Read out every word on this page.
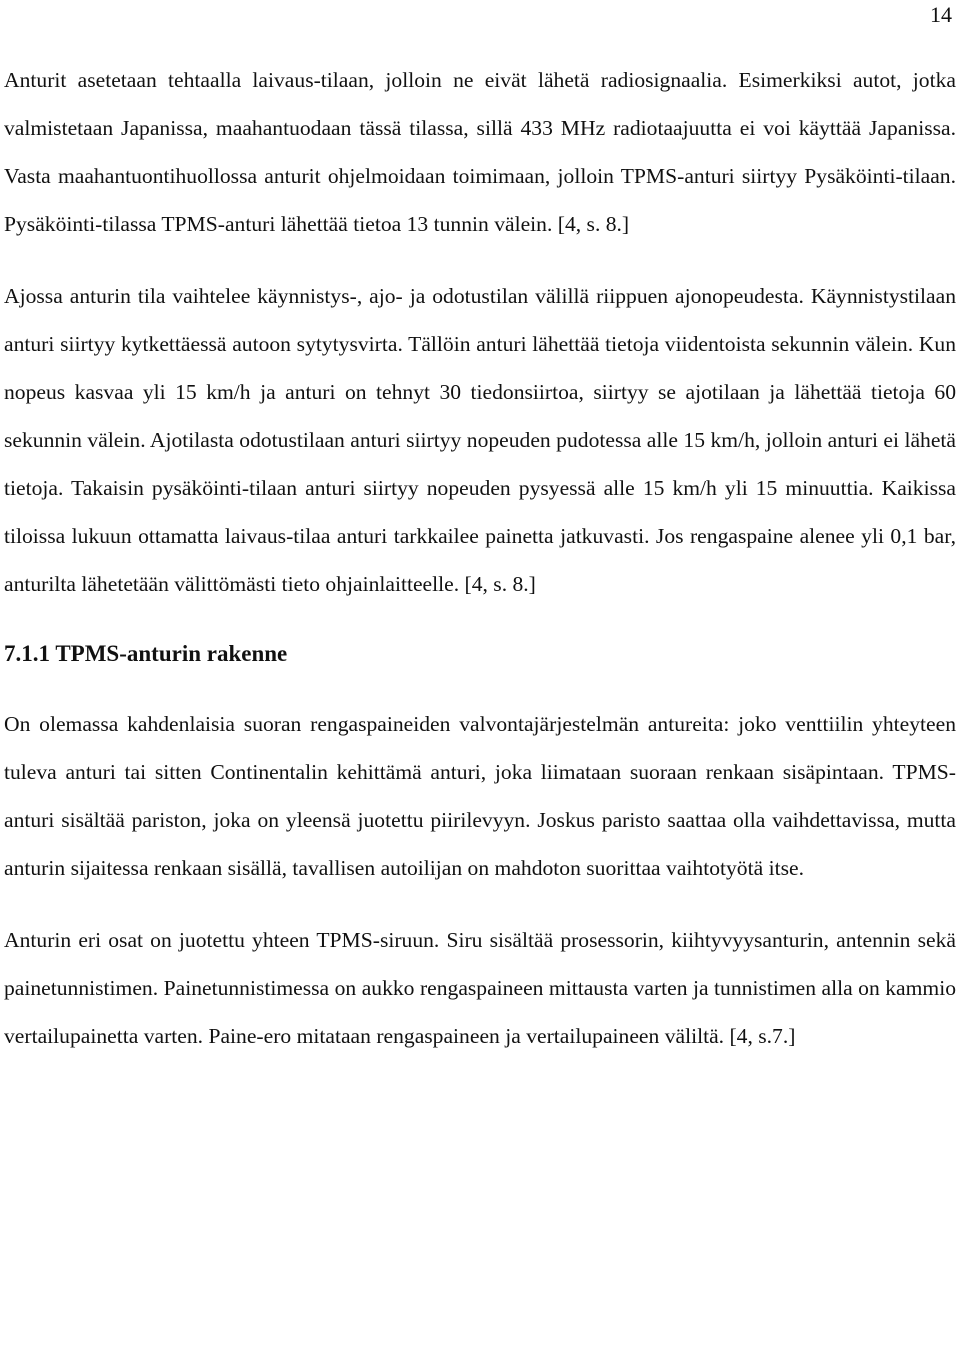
14

Anturit asetetaan tehtaalla laivaus-tilaan, jolloin ne eivät lähetä radiosignaalia. Esimerkiksi autot, jotka valmistetaan Japanissa, maahantuodaan tässä tilassa, sillä 433 MHz radiotaajuutta ei voi käyttää Japanissa. Vasta maahantuontihuollossa anturit ohjelmoidaan toimimaan, jolloin TPMS-anturi siirtyy Pysäköinti-tilaan. Pysäköinti-tilassa TPMS-anturi lähettää tietoa 13 tunnin välein. [4, s. 8.]

Ajossa anturin tila vaihtelee käynnistys-, ajo- ja odotustilan välillä riippuen ajonopeudesta. Käynnistystilaan anturi siirtyy kytkettäessä autoon sytytysvirta. Tällöin anturi lähettää tietoja viidentoista sekunnin välein. Kun nopeus kasvaa yli 15 km/h ja anturi on tehnyt 30 tiedonsiirtoa, siirtyy se ajotilaan ja lähettää tietoja 60 sekunnin välein. Ajotilasta odotustilaan anturi siirtyy nopeuden pudotessa alle 15 km/h, jolloin anturi ei lähetä tietoja. Takaisin pysäköinti-tilaan anturi siirtyy nopeuden pysyessä alle 15 km/h yli 15 minuuttia. Kaikissa tiloissa lukuun ottamatta laivaus-tilaa anturi tarkkailee painetta jatkuvasti. Jos rengaspaine alenee yli 0,1 bar, anturilta lähetetään välittömästi tieto ohjainlaitteelle. [4, s. 8.]

7.1.1 TPMS-anturin rakenne

On olemassa kahdenlaisia suoran rengaspaineiden valvontajärjestelmän antureita: joko venttiilin yhteyteen tuleva anturi tai sitten Continentalin kehittämä anturi, joka liimataan suoraan renkaan sisäpintaan. TPMS-anturi sisältää pariston, joka on yleensä juotettu piirilevyyn. Joskus paristo saattaa olla vaihdettavissa, mutta anturin sijaitessa renkaan sisällä, tavallisen autoilijan on mahdoton suorittaa vaihtotyötä itse.

Anturin eri osat on juotettu yhteen TPMS-siruun. Siru sisältää prosessorin, kiihtyvyysanturin, antennin sekä painetunnistimen. Painetunnistimessa on aukko rengaspaineen mittausta varten ja tunnistimen alla on kammio vertailupainetta varten. Paine-ero mitataan rengaspaineen ja vertailupaineen väliltä. [4, s.7.]
